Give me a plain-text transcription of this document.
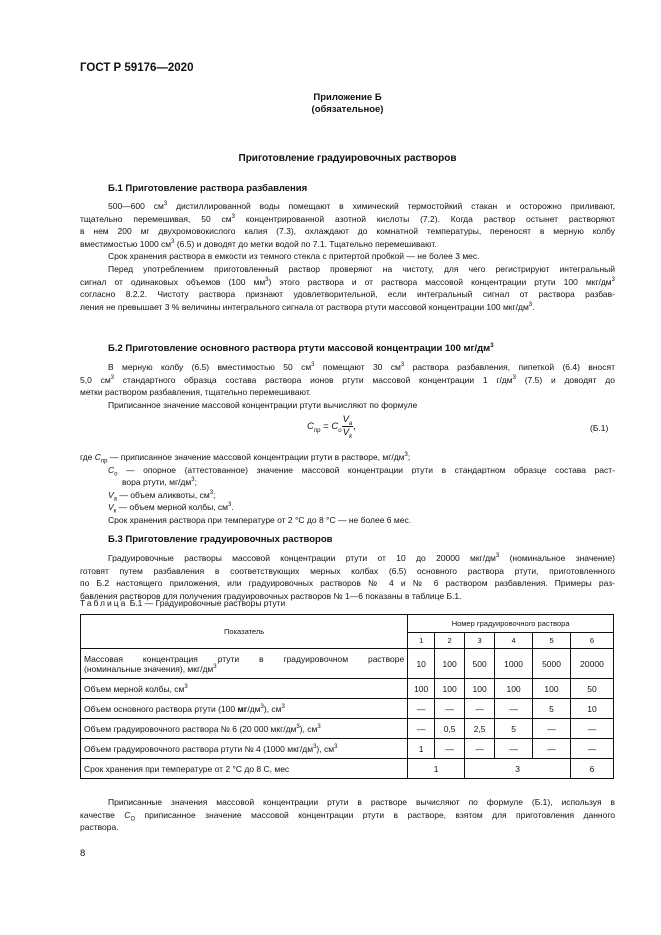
ГОСТ Р 59176—2020
Приложение Б
(обязательное)
Приготовление градуировочных растворов
Б.1 Приготовление раствора разбавления
500—600 $см^3$ дистиллированной воды помещают в химический термостойкий стакан и осторожно приливают,
тщательно перемешивая, 50 $см^3$ концентрированной азотной кислоты (7.2). Когда раствор остынет растворяют
в нем 200 мг двухромовокислого калия (7.3), охлаждают до комнатной температуры, переносят в мерную колбу
вместимостью 1000 $см^3$ (6.5) и доводят до метки водой по 7.1. Тщательно перемешивают.
Срок хранения раствора в емкости из темного стекла с притертой пробкой — не более 3 мес.
Перед употреблением приготовленный раствор проверяют на чистоту, для чего регистрируют интегральный
сигнал от одинаковых объемов (100 $мм^3$) этого раствора и от раствора массовой концентрации ртути 100 мкг/$дм^3$
согласно 8.2.2. Чистоту раствора признают удовлетворительной, если интегральный сигнал от раствора разбав-
ления не превышает 3 % величины интегрального сигнала от раствора ртути массовой концентрации 100 мкг/$дм^3$.
Б.2 Приготовление основного раствора ртути массовой концентрации 100 $мг/дм^3$
В мерную колбу (6.5) вместимостью 50 $см^3$ помещают 30 $см^3$ раствора разбавления, пипеткой (6.4) вносят
5,0 $см^3$ стандартного образца состава раствора ионов ртути массовой концентрации 1 $г/дм^3$ (7.5) и доводят до
метки раствором разбавления, тщательно перемешивают.
Приписанное значение массовой концентрации ртути вычисляют по формуле
$C_{пр} = C_o \frac{V_a}{V_k}$ ,	(Б.1)
где $C_{пр}$ — приписанное значение массовой концентрации ртути в растворе, $мг/дм^3$;
$C_o$ — опорное (аттестованное) значение массовой концентрации ртути в стандартном образце состава раст-
вора ртути, $мг/дм^3$;
$V_a$ — объем аликвоты, $см^3$;
$V_к$ — объем мерной колбы, $см^3$.
Срок хранения раствора при температуре от 2 °С до 8 °С — не более 6 мес.
Б.3 Приготовление градуировочных растворов
Градуировочные растворы массовой концентрации ртути от 10 до 20000 мкг/$дм^3$ (номинальное значение)
готовят путем разбавления в соответствующих мерных колбах (6.5) основного раствора ртути, приготовленного
по Б.2 настоящего приложения, или градуировочных растворов № 4 и № 6 раствором разбавления. Примеры раз-
бавления растворов для получения градуировочных растворов № 1—6 показаны в таблице Б.1.
Таблица Б.1 — Градуировочные растворы ртути
Показатель	Номер градуировочного раствора					
	1	2	3	4	5	6

Массовая концентрация ртути в градуировочном растворе
(номинальные значения), мкг/$дм^3$	10	100	500	1000	5000	20000
Объем мерной колбы, $см^3$	100	100	100	100	100	50
Объем основного раствора ртути (100 $мг/дм^3$), $см^3$	—	—	—	—	5	10
Объем градуировочного раствора № 6 (20 000 мкг/$дм^3$), $см^3$	—	0,5	2,5	5	—	—
Объем градуировочного раствора ртути № 4 (1000 мкг/$дм^3$), $см^3$	1	—	—	—	—	—
Срок хранения при температуре от 2 °С до 8 С, мес	1		3			6
Приписанные значения массовой концентрации ртути в растворе вычисляют по формуле (Б.1), используя в
качестве $C_O$ приписанное значение массовой концентрации ртути в растворе, взятом для приготовления данного
раствора.
8
